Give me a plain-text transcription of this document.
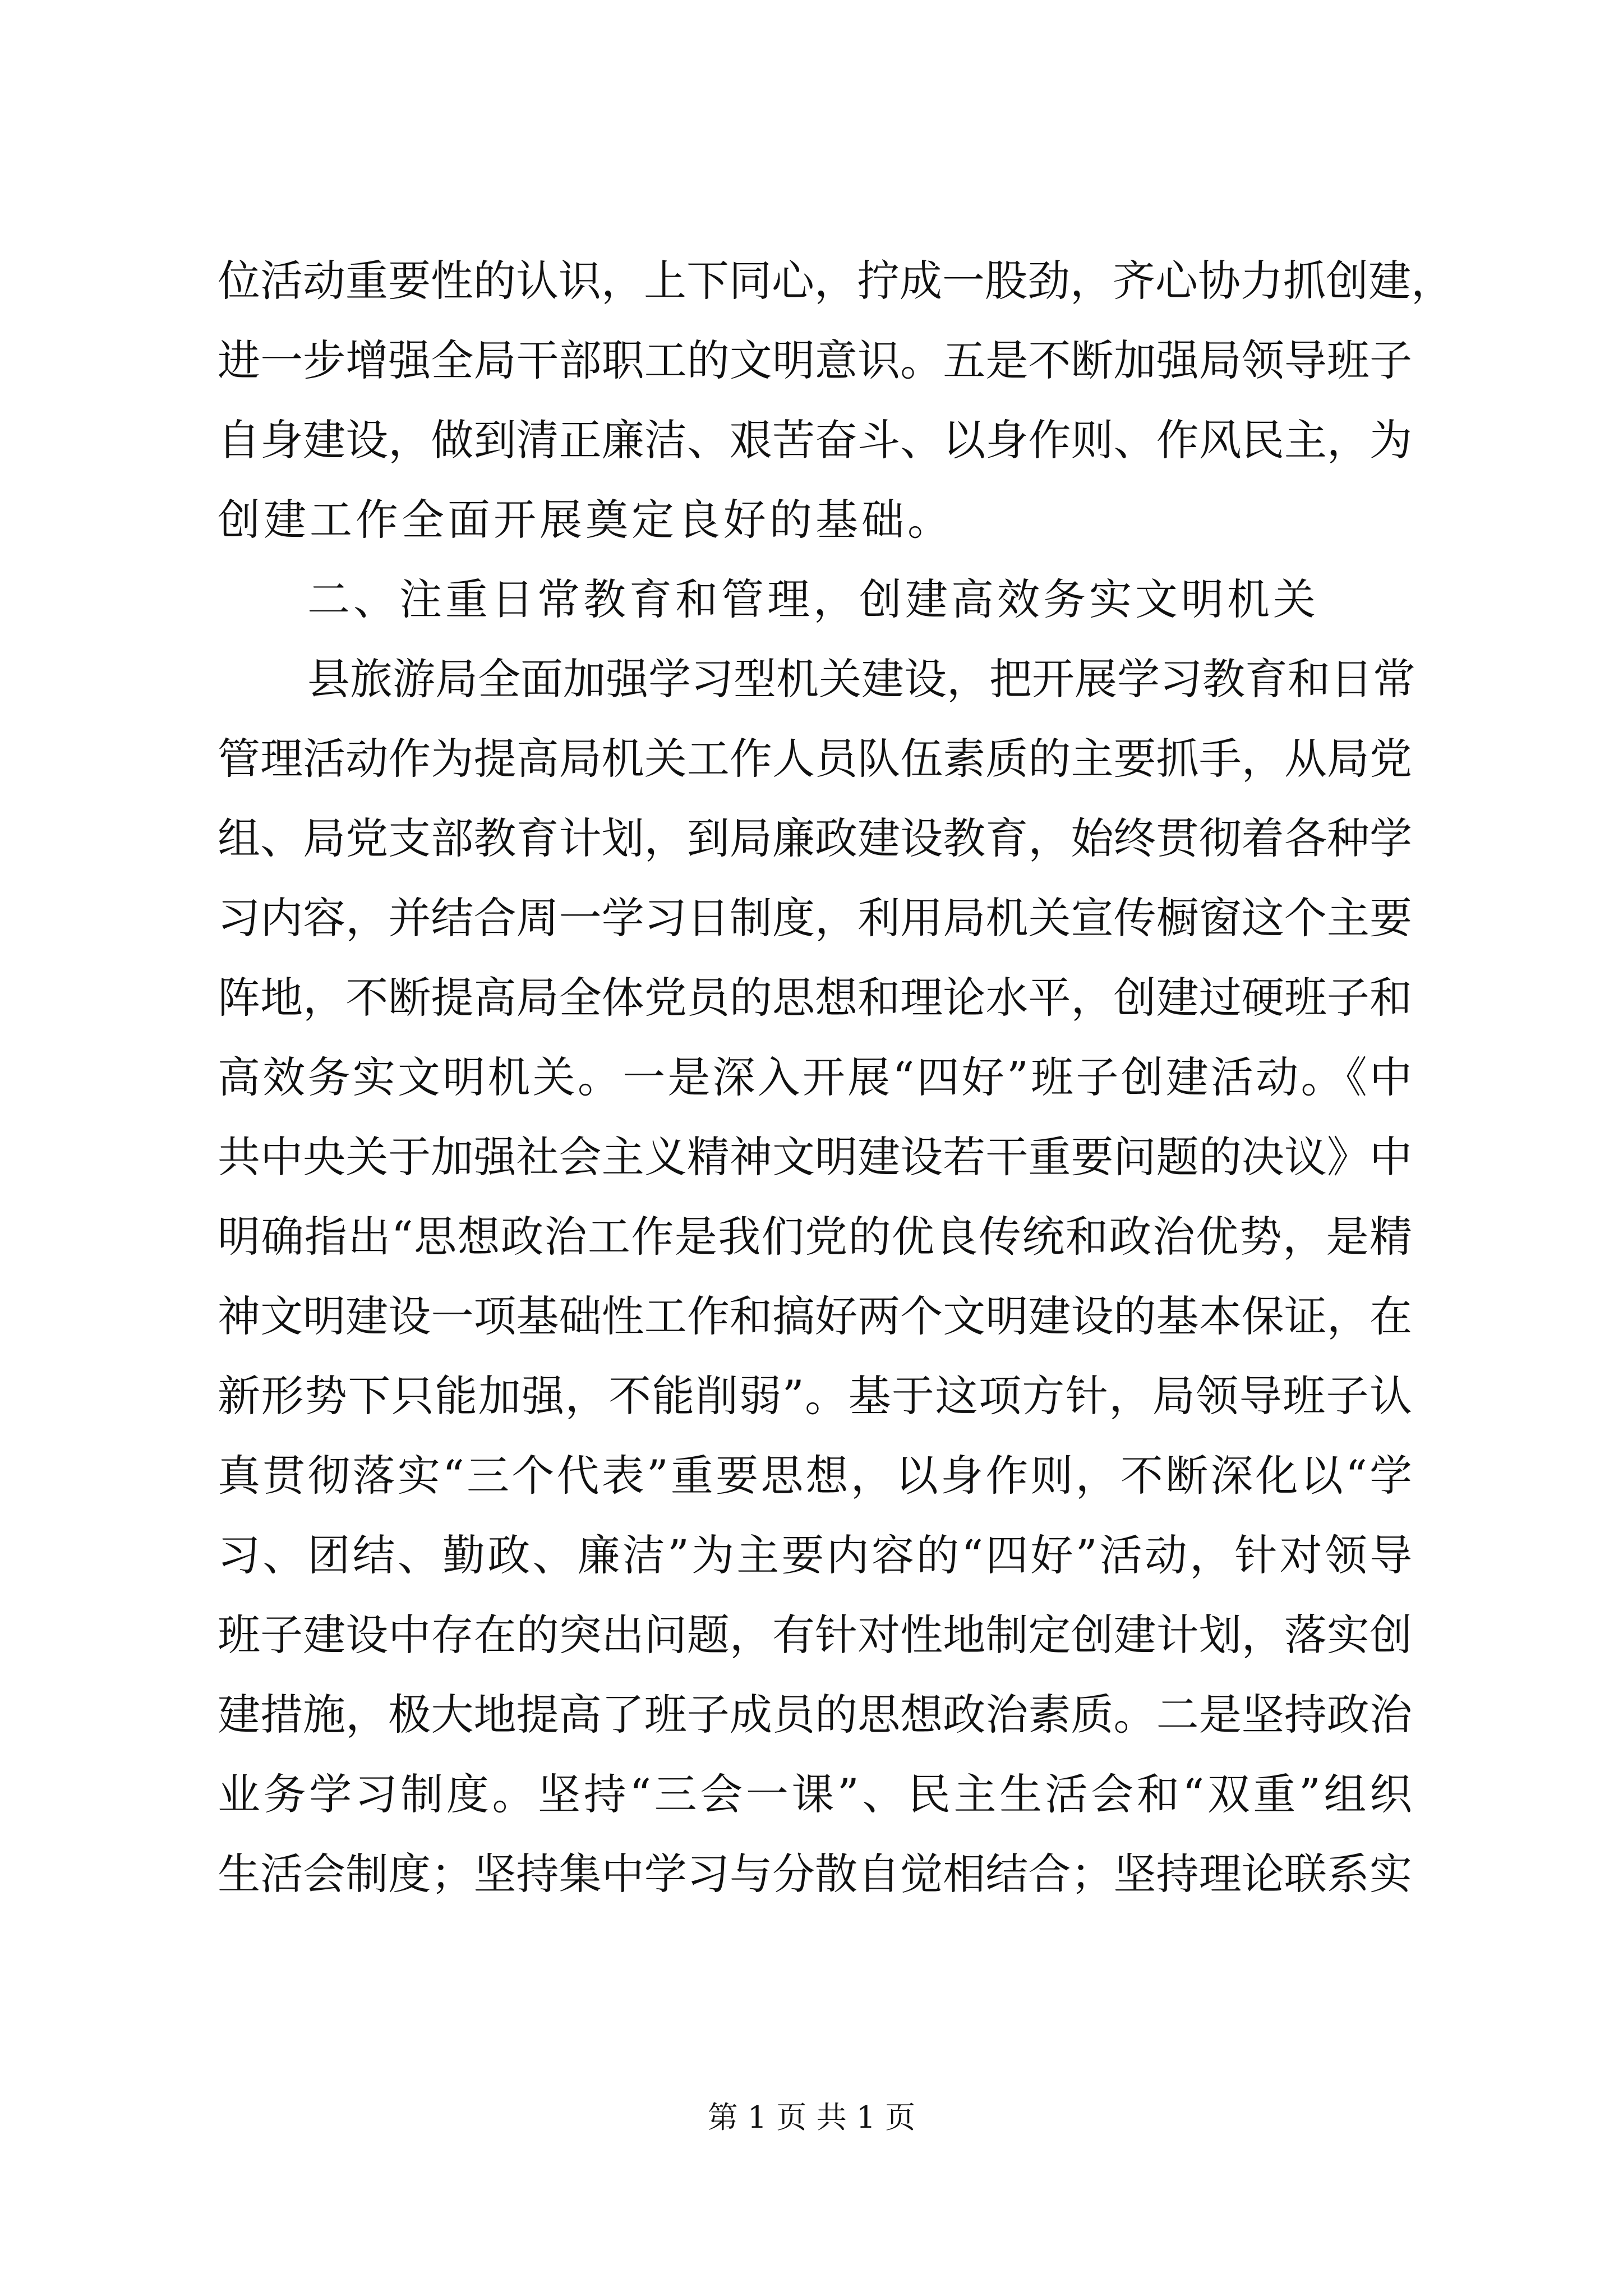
位活动重要性的认识，上下同心，拧成一股劲，齐心协力抓创建，
进一步增强全局干部职工的文明意识。五是不断加强局领导班子
自身建设，做到清正廉洁、艰苦奋斗、以身作则、作风民主，为
创建工作全面开展奠定良好的基础。
二、注重日常教育和管理，创建高效务实文明机关
县旅游局全面加强学习型机关建设，把开展学习教育和日常
管理活动作为提高局机关工作人员队伍素质的主要抓手，从局党
组、局党支部教育计划，到局廉政建设教育，始终贯彻着各种学
习内容，并结合周一学习日制度，利用局机关宣传橱窗这个主要
阵地，不断提高局全体党员的思想和理论水平，创建过硬班子和
高效务实文明机关。一是深入开展“四好”班子创建活动。《中
共中央关于加强社会主义精神文明建设若干重要问题的决议》中
明确指出“思想政治工作是我们党的优良传统和政治优势，是精
神文明建设一项基础性工作和搞好两个文明建设的基本保证，在
新形势下只能加强，不能削弱”。基于这项方针，局领导班子认
真贯彻落实“三个代表”重要思想，以身作则，不断深化以“学
习、团结、勤政、廉洁”为主要内容的“四好”活动，针对领导
班子建设中存在的突出问题，有针对性地制定创建计划，落实创
建措施，极大地提高了班子成员的思想政治素质。二是坚持政治
业务学习制度。坚持“三会一课”、民主生活会和“双重”组织
生活会制度；坚持集中学习与分散自觉相结合；坚持理论联系实
第 1 页 共 1 页
